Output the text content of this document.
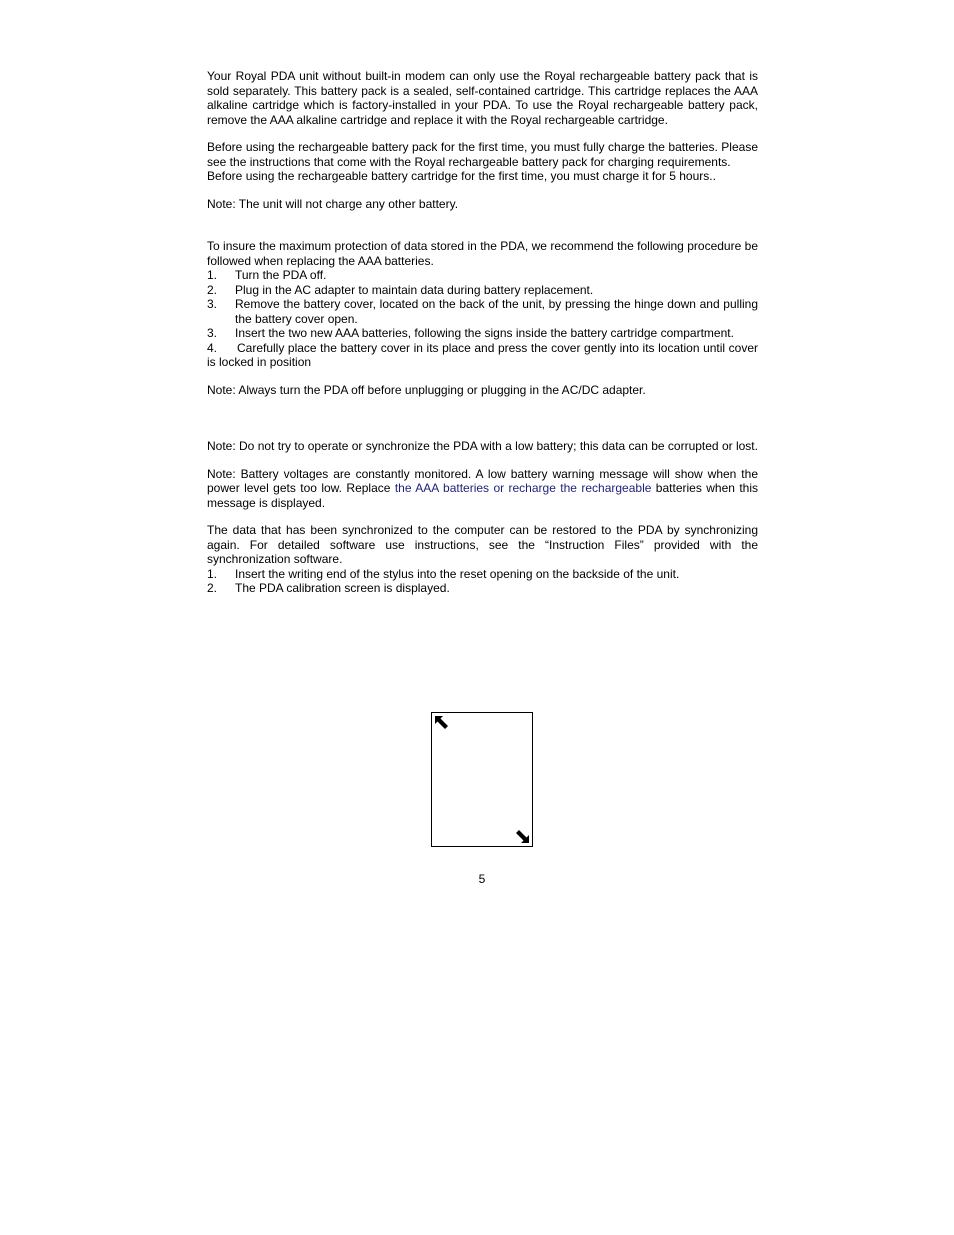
Your Royal PDA unit without built-in modem can only use the Royal rechargeable battery pack that is sold separately. This battery pack is a sealed, self-contained cartridge. This cartridge replaces the AAA alkaline cartridge which is factory-installed in your PDA. To use the Royal rechargeable battery pack, remove the AAA alkaline cartridge and replace it with the Royal rechargeable cartridge.

Before using the rechargeable battery pack for the first time, you must fully charge the batteries. Please see the instructions that come with the Royal rechargeable battery pack for charging requirements.

Before using the rechargeable battery cartridge for the first time, you must charge it for 5 hours..

Note: The unit will not charge any other battery.

To insure the maximum protection of data stored in the PDA, we recommend the following procedure be followed when replacing the AAA batteries.

1.	Turn the PDA off.
2.	Plug in the AC adapter to maintain data during battery replacement.
3.	Remove the battery cover, located on the back of the unit, by pressing the hinge down and pulling the battery cover open.
3.	Insert the two new AAA batteries, following the signs inside the battery cartridge compartment.
4. Carefully place the battery cover in its place and press the cover gently into its location until cover is locked in position

Note: Always turn the PDA off before unplugging or plugging in the AC/DC adapter.

Note: Do not try to operate or synchronize the PDA with a low battery; this data can be corrupted or lost.

Note: Battery voltages are constantly monitored. A low battery warning message will show when the power level gets too low. Replace the AAA batteries or recharge the rechargeable batteries when this message is displayed.

The data that has been synchronized to the computer can be restored to the PDA by synchronizing again. For detailed software use instructions, see the “Instruction Files” provided with the synchronization software.

1.	Insert the writing end of the stylus into the reset opening on the backside of the unit.
2.	The PDA calibration screen is displayed.
5
